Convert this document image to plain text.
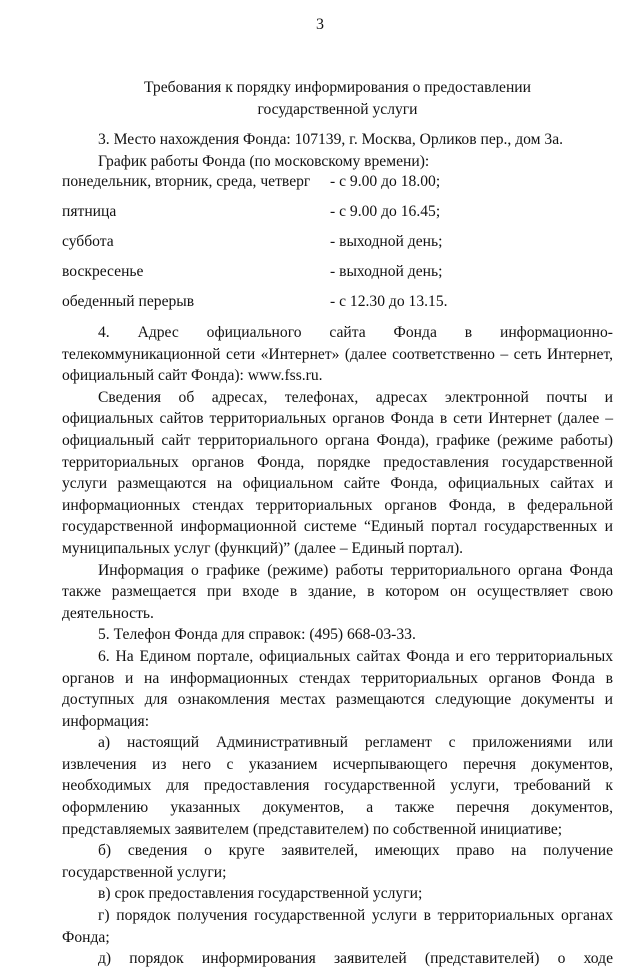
3

Требования к порядку информирования о предоставлении

государственной услуги

3. Место нахождения Фонда: 107139, г. Москва, Орликов пер., дом 3а.

График работы Фонда (по московскому времени):

понедельник, вторник, среда, четверг	- с 9.00 до 18.00;
пятница	- с 9.00 до 16.45;
суббота	- выходной день;
воскресенье	- выходной день;
обеденный перерыв	- с 12.30 до 13.15.

4. Адрес официального сайта Фонда в информационно-телекоммуникационной сети «Интернет» (далее соответственно – сеть Интернет, официальный сайт Фонда): www.fss.ru.

Сведения об адресах, телефонах, адресах электронной почты и официальных сайтов территориальных органов Фонда в сети Интернет (далее – официальный сайт территориального органа Фонда), графике (режиме работы) территориальных органов Фонда, порядке предоставления государственной услуги размещаются на официальном сайте Фонда, официальных сайтах и информационных стендах территориальных органов Фонда, в федеральной государственной информационной системе “Единый портал государственных и муниципальных услуг (функций)” (далее – Единый портал).

Информация о графике (режиме) работы территориального органа Фонда также размещается при входе в здание, в котором он осуществляет свою деятельность.

5. Телефон Фонда для справок: (495) 668-03-33.

6. На Едином портале, официальных сайтах Фонда и его территориальных органов и на информационных стендах территориальных органов Фонда в доступных для ознакомления местах размещаются следующие документы и информация:

а) настоящий Административный регламент с приложениями или извлечения из него с указанием исчерпывающего перечня документов, необходимых для предоставления государственной услуги, требований к оформлению указанных документов, а также перечня документов, представляемых заявителем (представителем) по собственной инициативе;

б) сведения о круге заявителей, имеющих право на получение государственной услуги;

в) срок предоставления государственной услуги;

г) порядок получения государственной услуги в территориальных органах Фонда;

д) порядок информирования заявителей (представителей) о ходе
